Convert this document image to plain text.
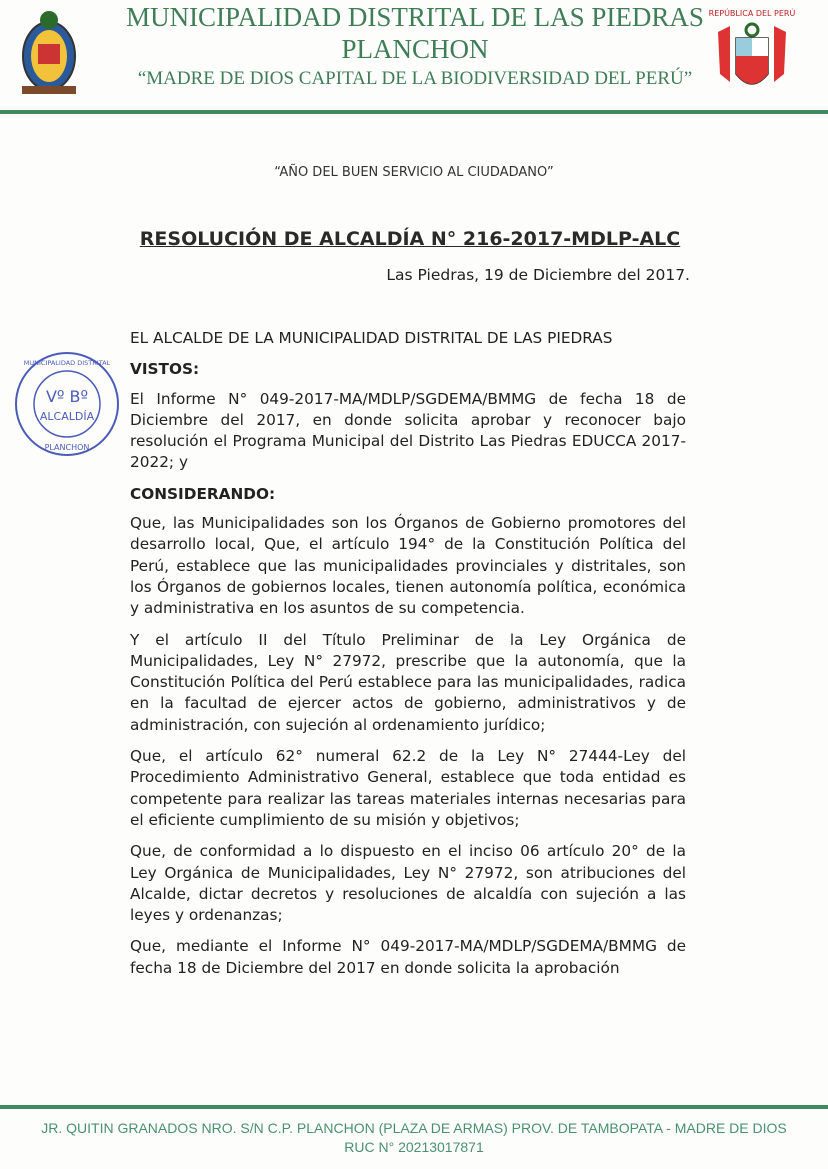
REPÚBLICA DEL PERÚ
MUNICIPALIDAD DISTRITAL DE LAS PIEDRAS
PLANCHON
“MADRE DE DIOS CAPITAL DE LA BIODIVERSIDAD DEL PERÚ”
“AÑO DEL BUEN SERVICIO AL CIUDADANO”
RESOLUCIÓN DE ALCALDÍA N° 216-2017-MDLP-ALC
Las Piedras, 19 de Diciembre del 2017.
Vº Bº
ALCALDÍA
PLANCHON
MUNICIPALIDAD DISTRITAL

EL ALCALDE DE LA MUNICIPALIDAD DISTRITAL DE LAS PIEDRAS

VISTOS:

El Informe N° 049-2017-MA/MDLP/SGDEMA/BMMG de fecha 18 de Diciembre del 2017, en donde solicita aprobar y reconocer bajo resolución el Programa Municipal del Distrito Las Piedras EDUCCA 2017-2022; y

CONSIDERANDO:

Que, las Municipalidades son los Órganos de Gobierno promotores del desarrollo local, Que, el artículo 194° de la Constitución Política del Perú, establece que las municipalidades provinciales y distritales, son los Órganos de gobiernos locales, tienen autonomía política, económica y administrativa en los asuntos de su competencia.

Y el artículo II del Título Preliminar de la Ley Orgánica de Municipalidades, Ley N° 27972, prescribe que la autonomía, que la Constitución Política del Perú establece para las municipalidades, radica en la facultad de ejercer actos de gobierno, administrativos y de administración, con sujeción al ordenamiento jurídico;

Que, el artículo 62° numeral 62.2 de la Ley N° 27444-Ley del Procedimiento Administrativo General, establece que toda entidad es competente para realizar las tareas materiales internas necesarias para el eficiente cumplimiento de su misión y objetivos;

Que, de conformidad a lo dispuesto en el inciso 06 artículo 20° de la Ley Orgánica de Municipalidades, Ley N° 27972, son atribuciones del Alcalde, dictar decretos y resoluciones de alcaldía con sujeción a las leyes y ordenanzas;

Que, mediante el Informe N° 049-2017-MA/MDLP/SGDEMA/BMMG de fecha 18 de Diciembre del 2017 en donde solicita la aprobación

JR. QUITIN GRANADOS NRO. S/N C.P. PLANCHON (PLAZA DE ARMAS) PROV. DE TAMBOPATA - MADRE DE DIOS
RUC N° 20213017871
